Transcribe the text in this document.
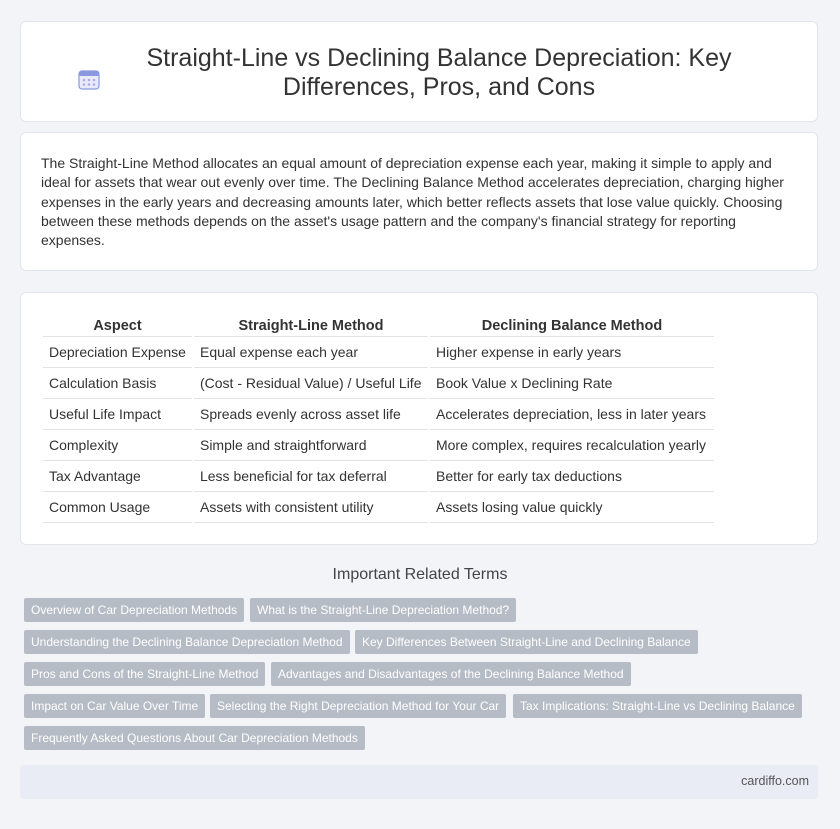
Straight-Line vs Declining Balance Depreciation: Key Differences, Pros, and Cons

The Straight-Line Method allocates an equal amount of depreciation expense each year, making it simple to apply and ideal for assets that wear out evenly over time. The Declining Balance Method accelerates depreciation, charging higher expenses in the early years and decreasing amounts later, which better reflects assets that lose value quickly. Choosing between these methods depends on the asset's usage pattern and the company's financial strategy for reporting expenses.

Aspect		Straight-Line Method		Declining Balance Method
Depreciation Expense		Equal expense each year		Higher expense in early years
Calculation Basis		(Cost - Residual Value) / Useful Life		Book Value x Declining Rate
Useful Life Impact		Spreads evenly across asset life		Accelerates depreciation, less in later years
Complexity		Simple and straightforward		More complex, requires recalculation yearly
Tax Advantage		Less beneficial for tax deferral		Better for early tax deductions
Common Usage		Assets with consistent utility		Assets losing value quickly
Important Related Terms
Overview of Car Depreciation Methods	What is the Straight-Line Depreciation Method?
Understanding the Declining Balance Depreciation Method	Key Differences Between Straight-Line and Declining Balance
Pros and Cons of the Straight-Line Method	Advantages and Disadvantages of the Declining Balance Method
Impact on Car Value Over Time	Selecting the Right Depreciation Method for Your Car	Tax Implications: Straight-Line vs Declining Balance
Frequently Asked Questions About Car Depreciation Methods
cardiffo.com
